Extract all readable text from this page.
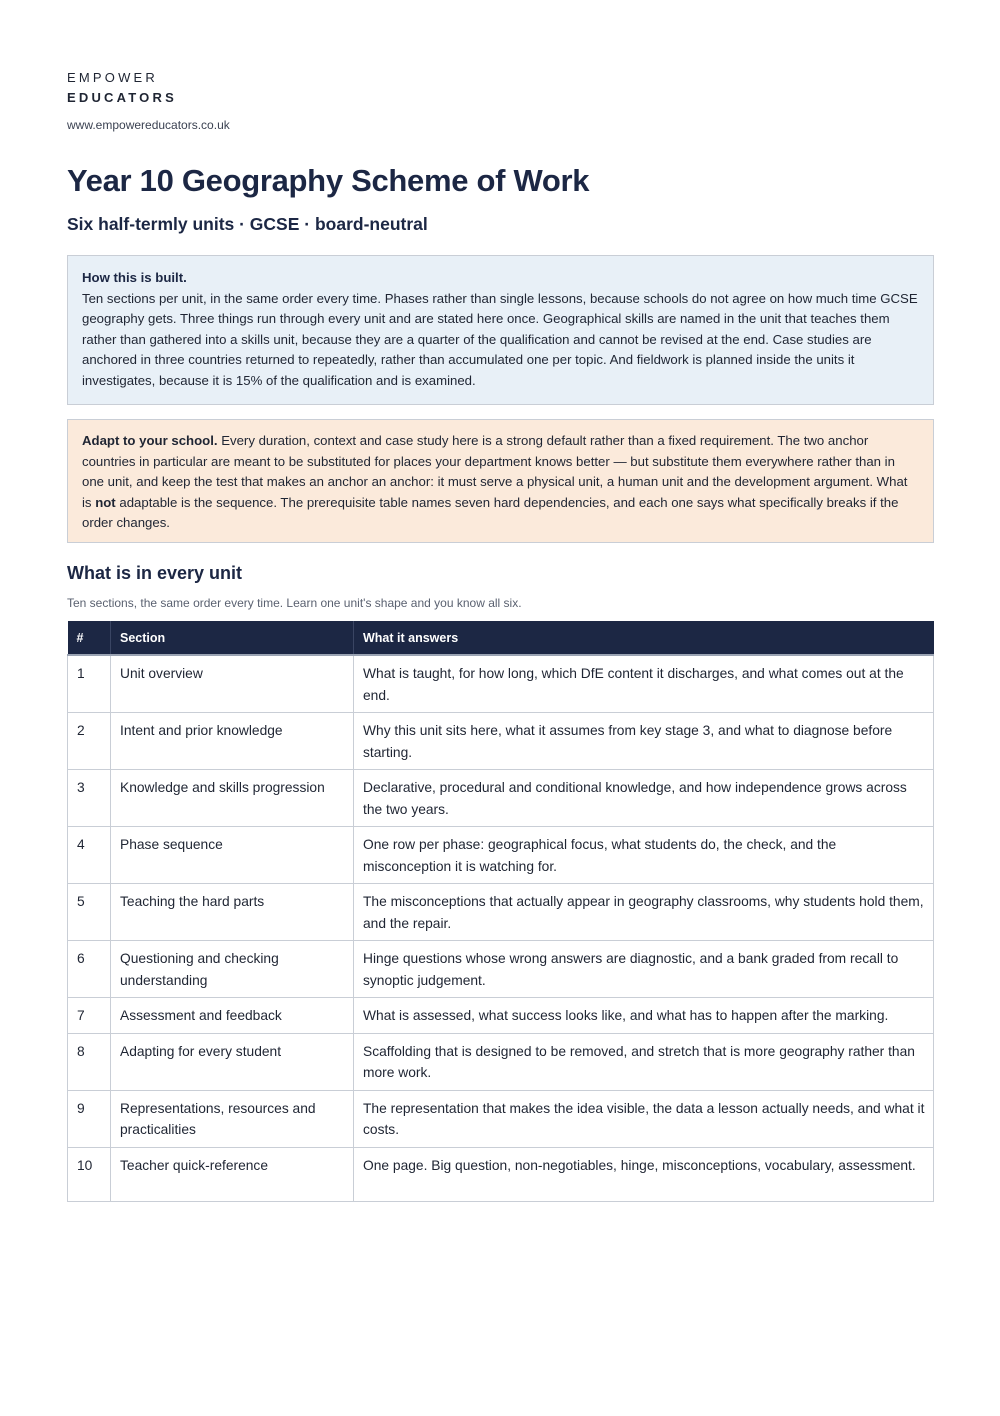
EMPOWER
EDUCATORS
www.empowereducators.co.uk
Year 10 Geography Scheme of Work
Six half-termly units · GCSE · board-neutral
How this is built.
Ten sections per unit, in the same order every time. Phases rather than single lessons, because schools do not agree on how much time GCSE geography gets. Three things run through every unit and are stated here once. Geographical skills are named in the unit that teaches them rather than gathered into a skills unit, because they are a quarter of the qualification and cannot be revised at the end. Case studies are anchored in three countries returned to repeatedly, rather than accumulated one per topic. And fieldwork is planned inside the units it investigates, because it is 15% of the qualification and is examined.
Adapt to your school. Every duration, context and case study here is a strong default rather than a fixed requirement. The two anchor countries in particular are meant to be substituted for places your department knows better — but substitute them everywhere rather than in one unit, and keep the test that makes an anchor an anchor: it must serve a physical unit, a human unit and the development argument. What is not adaptable is the sequence. The prerequisite table names seven hard dependencies, and each one says what specifically breaks if the order changes.
What is in every unit
Ten sections, the same order every time. Learn one unit's shape and you know all six.
#	Section	What it answers
1	Unit overview	What is taught, for how long, which DfE content it discharges, and what comes out at the end.
2	Intent and prior knowledge	Why this unit sits here, what it assumes from key stage 3, and what to diagnose before starting.
3	Knowledge and skills progression	Declarative, procedural and conditional knowledge, and how independence grows across the two years.
4	Phase sequence	One row per phase: geographical focus, what students do, the check, and the misconception it is watching for.
5	Teaching the hard parts	The misconceptions that actually appear in geography classrooms, why students hold them, and the repair.
6	Questioning and checking understanding	Hinge questions whose wrong answers are diagnostic, and a bank graded from recall to synoptic judgement.
7	Assessment and feedback	What is assessed, what success looks like, and what has to happen after the marking.
8	Adapting for every student	Scaffolding that is designed to be removed, and stretch that is more geography rather than more work.
9	Representations, resources and practicalities	The representation that makes the idea visible, the data a lesson actually needs, and what it costs.
10	Teacher quick-reference	One page. Big question, non-negotiables, hinge, misconceptions, vocabulary, assessment.
